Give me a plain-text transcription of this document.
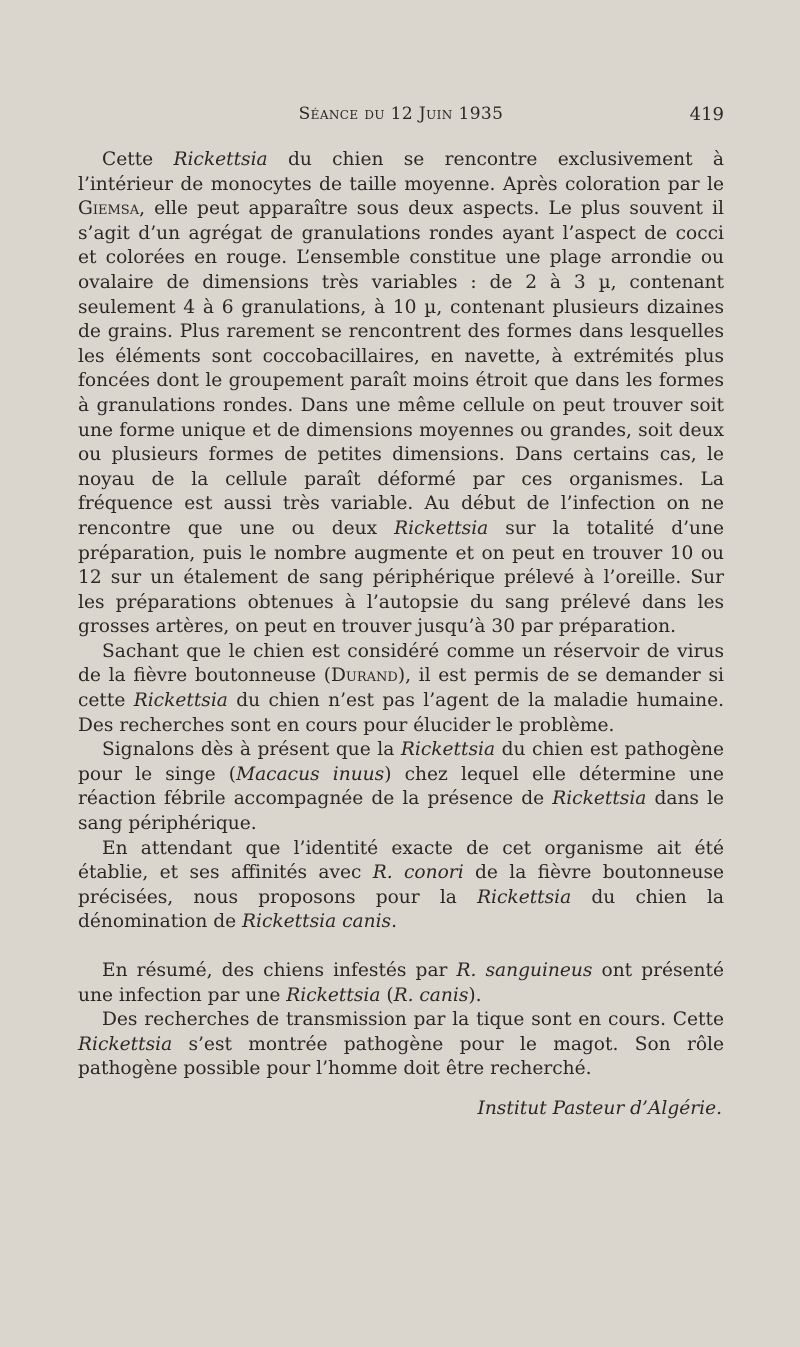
Séance du 12 Juin 1935	419

Cette Rickettsia du chien se rencontre exclusivement à l’intérieur de monocytes de taille moyenne. Après coloration par le Giemsa, elle peut apparaître sous deux aspects. Le plus souvent il s’agit d’un agrégat de granulations rondes ayant l’aspect de cocci et colorées en rouge. L’ensemble constitue une plage arrondie ou ovalaire de dimensions très variables : de 2 à 3 µ, contenant seulement 4 à 6 granulations, à 10 µ, contenant plusieurs dizaines de grains. Plus rarement se rencontrent des formes dans lesquelles les éléments sont coccobacillaires, en navette, à extrémités plus foncées dont le groupement paraît moins étroit que dans les formes à granulations rondes. Dans une même cellule on peut trouver soit une forme unique et de dimensions moyennes ou grandes, soit deux ou plusieurs formes de petites dimensions. Dans certains cas, le noyau de la cellule paraît déformé par ces organismes. La fréquence est aussi très variable. Au début de l’infection on ne rencontre que une ou deux Rickettsia sur la totalité d’une préparation, puis le nombre augmente et on peut en trouver 10 ou 12 sur un étalement de sang périphérique prélevé à l’oreille. Sur les préparations obtenues à l’autopsie du sang prélevé dans les grosses artères, on peut en trouver jusqu’à 30 par préparation.

Sachant que le chien est considéré comme un réservoir de virus de la fièvre boutonneuse (Durand), il est permis de se demander si cette Rickettsia du chien n’est pas l’agent de la maladie humaine. Des recherches sont en cours pour élucider le problème.

Signalons dès à présent que la Rickettsia du chien est pathogène pour le singe (Macacus inuus) chez lequel elle détermine une réaction fébrile accompagnée de la présence de Rickettsia dans le sang périphérique.

En attendant que l’identité exacte de cet organisme ait été établie, et ses affinités avec R. conori de la fièvre boutonneuse précisées, nous proposons pour la Rickettsia du chien la dénomination de Rickettsia canis.

En résumé, des chiens infestés par R. sanguineus ont présenté une infection par une Rickettsia (R. canis).

Des recherches de transmission par la tique sont en cours. Cette Rickettsia s’est montrée pathogène pour le magot. Son rôle pathogène possible pour l’homme doit être recherché.

Institut Pasteur d’Algérie.
